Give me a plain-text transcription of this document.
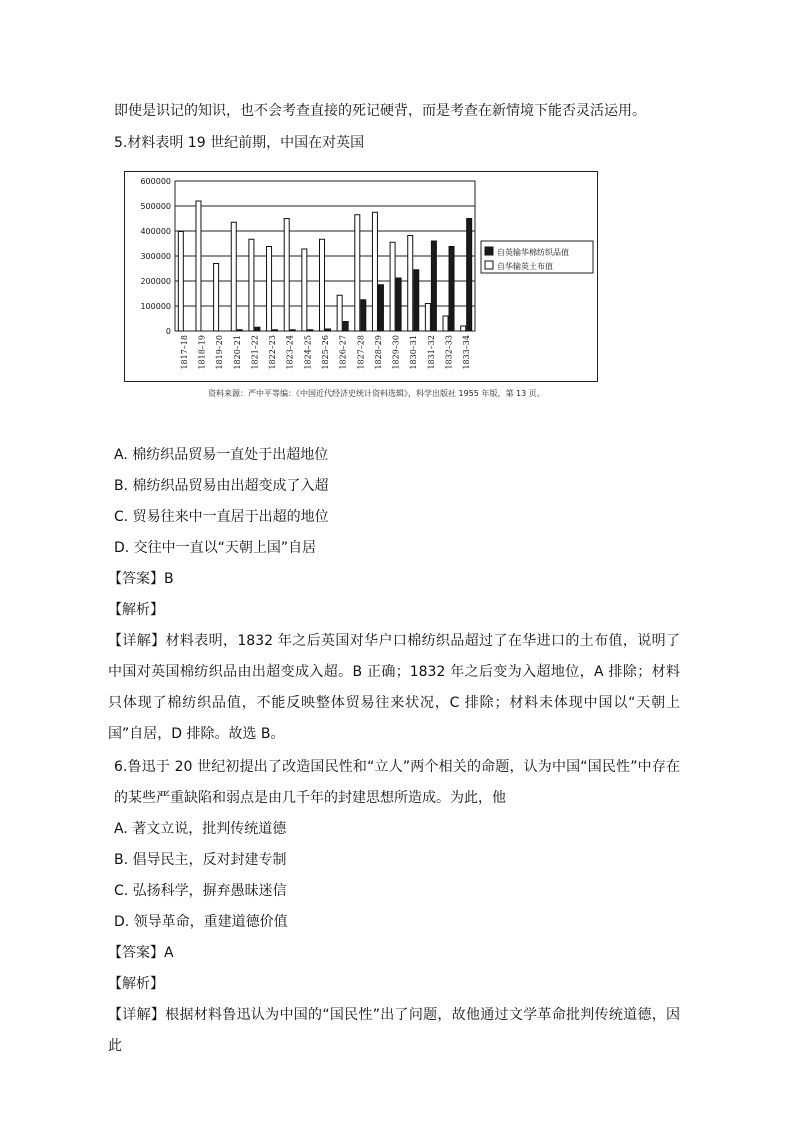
即使是识记的知识，也不会考查直接的死记硬背，而是考查在新情境下能否灵活运用。
5.材料表明 19 世纪前期，中国在对英国
0
100000
200000
300000
400000
500000
600000
1817–18 1818–19 1819–20 1820–21 1821–22 1822–23 1823–24 1824–25 1825–26 1826–27 1827–28 1828–29 1829–30 1830–31 1831–32 1832–33 1833–34
自英输华棉纺织品值
自华输英土布值
资料来源：严中平等编：《中国近代经济史统计资料选辑》，科学出版社 1955 年版，第 13 页。
A. 棉纺织品贸易一直处于出超地位
B. 棉纺织品贸易由出超变成了入超
C. 贸易往来中一直居于出超的地位
D. 交往中一直以“天朝上国”自居
【答案】B
【解析】
【详解】材料表明，1832 年之后英国对华户口棉纺织品超过了在华进口的土布值，说明了中国对英国棉纺织品由出超变成入超。B 正确；1832 年之后变为入超地位，A 排除；材料只体现了棉纺织品值，不能反映整体贸易往来状况，C 排除；材料未体现中国以“天朝上国”自居，D 排除。故选 B。
6.鲁迅于 20 世纪初提出了改造国民性和“立人”两个相关的命题，认为中国“国民性”中存在的某些严重缺陷和弱点是由几千年的封建思想所造成。为此，他
A. 著文立说，批判传统道德
B. 倡导民主，反对封建专制
C. 弘扬科学，摒弃愚昧迷信
D. 领导革命，重建道德价值
【答案】A
【解析】
【详解】根据材料鲁迅认为中国的“国民性”出了问题，故他通过文学革命批判传统道德，因此
